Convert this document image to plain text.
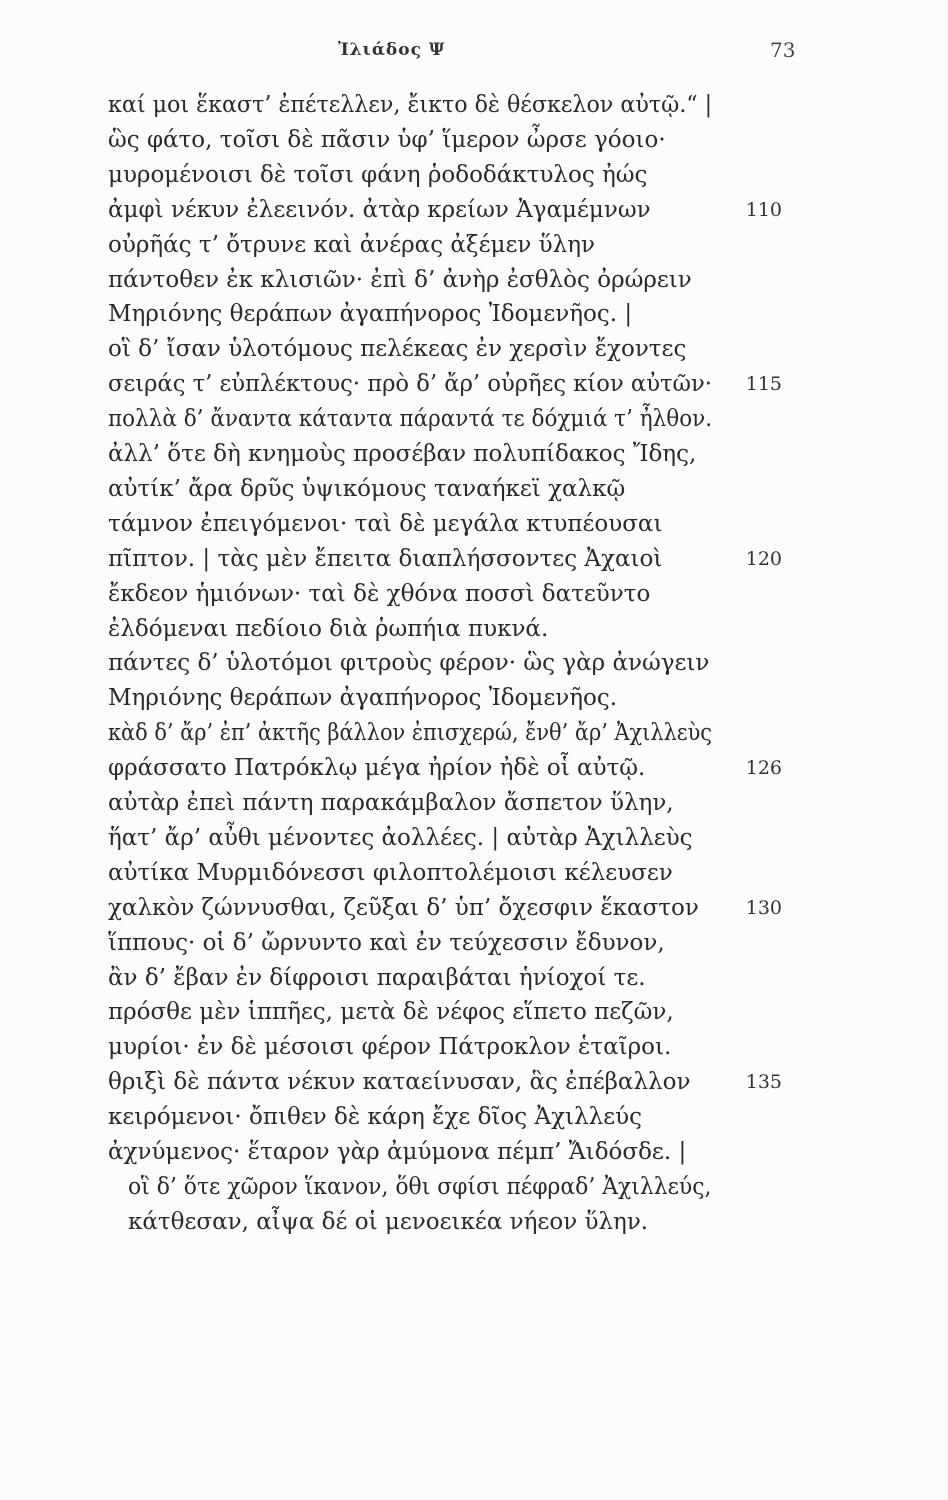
Ἰλιάδος Ψ	73
καί μοι ἕκαστ’ ἐπέτελλεν, ἔικτο δὲ θέσκελον αὐτῷ.“ |
ὣς φάτο, τοῖσι δὲ πᾶσιν ὑφ’ ἵμερον ὦρσε γόοιο·
μυρομένοισι δὲ τοῖσι φάνη ῥοδοδάκτυλος ἠώς
ἀμφὶ νέκυν ἐλεεινόν. ἀτὰρ κρείων Ἀγαμέμνων	110
οὐρῆάς τ’ ὄτρυνε καὶ ἀνέρας ἀξέμεν ὕλην
πάντοθεν ἐκ κλισιῶν· ἐπὶ δ’ ἀνὴρ ἐσθλὸς ὀρώρειν
Μηριόνης θεράπων ἀγαπήνορος Ἰδομενῆος. |
οἳ δ’ ἴσαν ὑλοτόμους πελέκεας ἐν χερσὶν ἔχοντες
σειράς τ’ εὐπλέκτους· πρὸ δ’ ἄρ’ οὐρῆες κίον αὐτῶν·	115
πολλὰ δ’ ἄναντα κάταντα πάραντά τε δόχμιά τ’ ἦλθον.
ἀλλ’ ὅτε δὴ κνημοὺς προσέβαν πολυπίδακος Ἴδης,
αὐτίκ’ ἄρα δρῦς ὑψικόμους ταναήκεϊ χαλκῷ
τάμνον ἐπειγόμενοι· ταὶ δὲ μεγάλα κτυπέουσαι
πῖπτον. | τὰς μὲν ἔπειτα διαπλήσσοντες Ἀχαιοὶ	120
ἔκδεον ἡμιόνων· ταὶ δὲ χθόνα ποσσὶ δατεῦντο
ἐλδόμεναι πεδίοιο διὰ ῥωπήια πυκνά.
πάντες δ’ ὑλοτόμοι φιτροὺς φέρον· ὣς γὰρ ἀνώγειν
Μηριόνης θεράπων ἀγαπήνορος Ἰδομενῆος.
κὰδ δ’ ἄρ’ ἐπ’ ἀκτῆς βάλλον ἐπισχερώ, ἔνθ’ ἄρ’ Ἀχιλλεὺς
φράσσατο Πατρόκλῳ μέγα ἠρίον ἠδὲ οἷ αὐτῷ.	126
αὐτὰρ ἐπεὶ πάντη παρακάμβαλον ἄσπετον ὕλην,
ἥατ’ ἄρ’ αὖθι μένοντες ἀολλέες. | αὐτὰρ Ἀχιλλεὺς
αὐτίκα Μυρμιδόνεσσι φιλοπτολέμοισι κέλευσεν
χαλκὸν ζώννυσθαι, ζεῦξαι δ’ ὑπ’ ὄχεσφιν ἕκαστον	130
ἵππους· οἱ δ’ ὤρνυντο καὶ ἐν τεύχεσσιν ἔδυνον,
ἂν δ’ ἔβαν ἐν δίφροισι παραιβάται ἡνίοχοί τε.
πρόσθε μὲν ἱππῆες, μετὰ δὲ νέφος εἵπετο πεζῶν,
μυρίοι· ἐν δὲ μέσοισι φέρον Πάτροκλον ἑταῖροι.
θριξὶ δὲ πάντα νέκυν καταείνυσαν, ἃς ἐπέβαλλον	135
κειρόμενοι· ὄπιθεν δὲ κάρη ἔχε δῖος Ἀχιλλεύς
ἀχνύμενος· ἕταρον γὰρ ἀμύμονα πέμπ’ Ἄιδόσδε. |
οἳ δ’ ὅτε χῶρον ἵκανον, ὅθι σφίσι πέφραδ’ Ἀχιλλεύς,
κάτθεσαν, αἶψα δέ οἱ μενοεικέα νήεον ὕλην.
